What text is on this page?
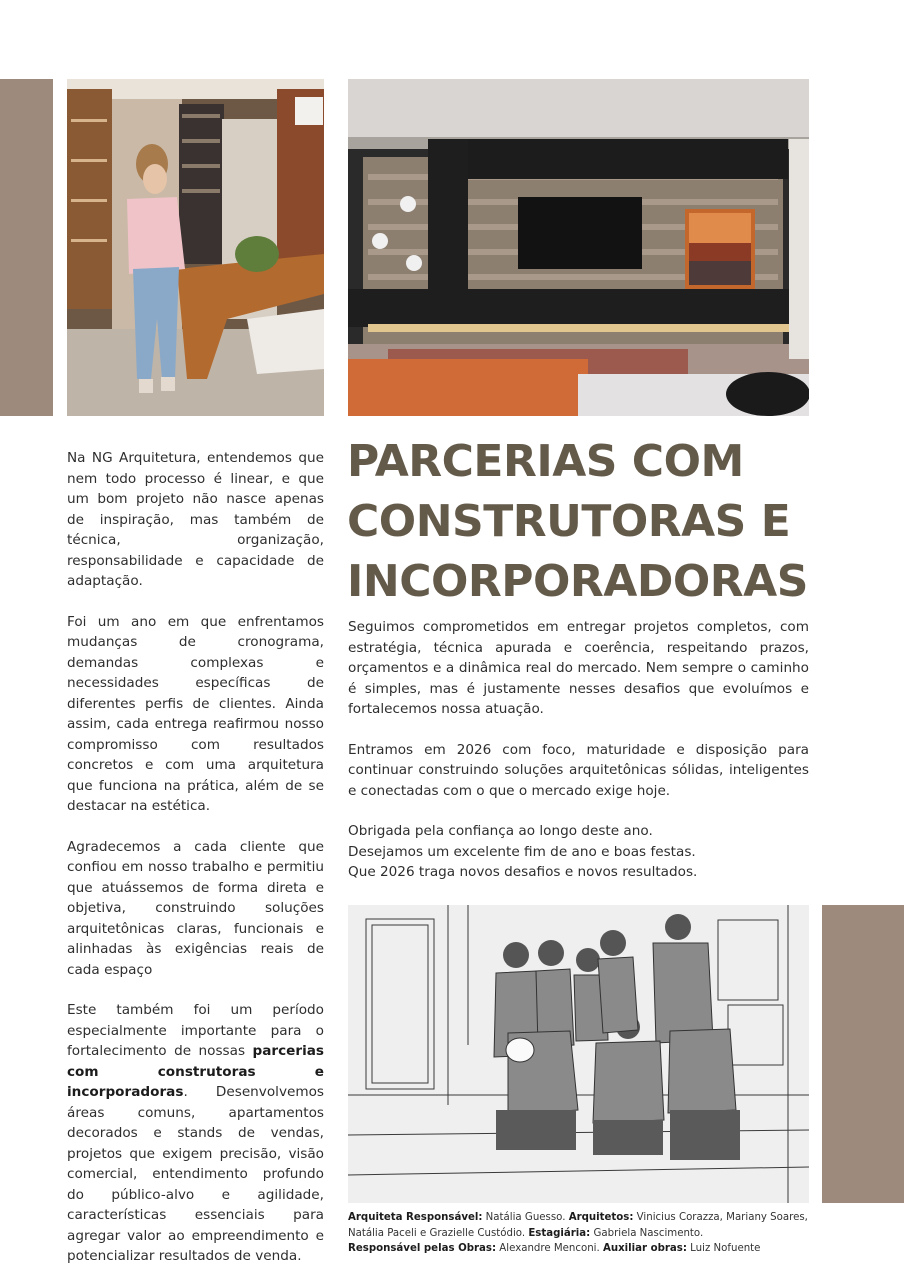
Na NG Arquitetura, entendemos que nem todo processo é linear, e que um bom projeto não nasce apenas de inspiração, mas também de técnica, organização, responsabilidade e capacidade de adaptação.

Foi um ano em que enfrentamos mudanças de cronograma, demandas complexas e necessidades específicas de diferentes perfis de clientes. Ainda assim, cada entrega reafirmou nosso compromisso com resultados concretos e com uma arquitetura que funciona na prática, além de se destacar na estética.

Agradecemos a cada cliente que confiou em nosso trabalho e permitiu que atuássemos de forma direta e objetiva, construindo soluções arquitetônicas claras, funcionais e alinhadas às exigências reais de cada espaço

Este também foi um período especialmente importante para o fortalecimento de nossas parcerias com construtoras e incorporadoras. Desenvolvemos áreas comuns, apartamentos decorados e stands de vendas, projetos que exigem precisão, visão comercial, entendimento profundo do público-alvo e agilidade, características essenciais para agregar valor ao empreendimento e potencializar resultados de venda.

PARCERIAS COM
CONSTRUTORAS E
INCORPORADORAS

Seguimos comprometidos em entregar projetos completos, com estratégia, técnica apurada e coerência, respeitando prazos, orçamentos e a dinâmica real do mercado. Nem sempre o caminho é simples, mas é justamente nesses desafios que evoluímos e fortalecemos nossa atuação.

Entramos em 2026 com foco, maturidade e disposição para continuar construindo soluções arquitetônicas sólidas, inteligentes e conectadas com o que o mercado exige hoje.

Obrigada pela confiança ao longo deste ano.
Desejamos um excelente fim de ano e boas festas.
Que 2026 traga novos desafios e novos resultados.

Arquiteta Responsável: Natália Guesso. Arquitetos: Vinicius Corazza, Mariany Soares,
Natália Paceli e Grazielle Custódio. Estagiária: Gabriela Nascimento.
Responsável pelas Obras: Alexandre Menconi. Auxiliar obras: Luiz Nofuente
